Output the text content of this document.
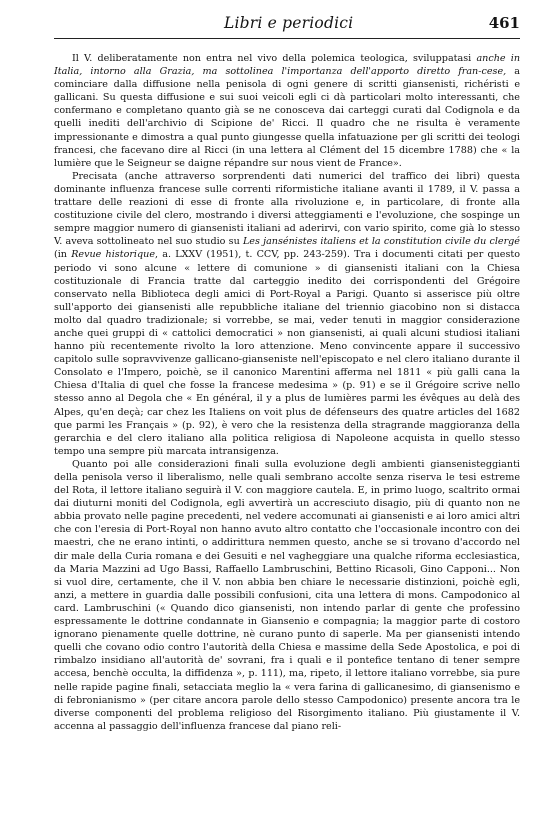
Libri e periodici	461

Il V. deliberatamente non entra nel vivo della polemica teologica, sviluppatasi anche in Italia, intorno alla Grazia, ma sottolinea l'importanza dell'apporto diretto fran-cese, a cominciare dalla diffusione nella penisola di ogni genere di scritti giansenisti, richéristi e gallicani. Su questa diffusione e sui suoi veicoli egli ci dà particolari molto interessanti, che confermano e completano quanto già se ne conosceva dai carteggi curati dal Codignola e da quelli inediti dell'archivio di Scipione de' Ricci. Il quadro che ne risulta è veramente impressionante e dimostra a qual punto giungesse quella infatuazione per gli scritti dei teologi francesi, che facevano dire al Ricci (in una lettera al Clément del 15 dicembre 1788) che « la lumière que le Seigneur se daigne répandre sur nous vient de France».

Precisata (anche attraverso sorprendenti dati numerici del traffico dei libri) questa dominante influenza francese sulle correnti riformistiche italiane avanti il 1789, il V. passa a trattare delle reazioni di esse di fronte alla rivoluzione e, in particolare, di fronte alla costituzione civile del clero, mostrando i diversi atteggiamenti e l'evoluzione, che sospinge un sempre maggior numero di giansenisti italiani ad aderirvi, con vario spirito, come già lo stesso V. aveva sottolineato nel suo studio su Les jansénistes italiens et la constitution civile du clergé (in Revue historique, a. LXXV (1951), t. CCV, pp. 243-259). Tra i documenti citati per questo periodo vi sono alcune « lettere di comunione » di giansenisti italiani con la Chiesa costituzionale di Francia tratte dal carteggio inedito dei corrispondenti del Grégoire conservato nella Biblioteca degli amici di Port-Royal a Parigi. Quanto si asserisce più oltre sull'apporto dei giansenisti alle repubbliche italiane del triennio giacobino non si distacca molto dal quadro tradizionale; si vorrebbe, se mai, veder tenuti in maggior considerazione anche quei gruppi di « cattolici democratici » non giansenisti, ai quali alcuni studiosi italiani hanno più recentemente rivolto la loro attenzione. Meno convincente appare il successivo capitolo sulle sopravvivenze gallicano-gianseniste nell'episcopato e nel clero italiano durante il Consolato e l'Impero, poichè, se il canonico Marentini afferma nel 1811 « più galli cana la Chiesa d'Italia di quel che fosse la francese medesima » (p. 91) e se il Grégoire scrive nello stesso anno al Degola che « En général, il y a plus de lumières parmi les évêques au delà des Alpes, qu'en deçà; car chez les Italiens on voit plus de défenseurs des quatre articles del 1682 que parmi les Français » (p. 92), è vero che la resistenza della stragrande maggioranza della gerarchia e del clero italiano alla politica religiosa di Napoleone acquista in quello stesso tempo una sempre più marcata intransigenza.

Quanto poi alle considerazioni finali sulla evoluzione degli ambienti giansenisteggianti della penisola verso il liberalismo, nelle quali sembrano accolte senza riserva le tesi estreme del Rota, il lettore italiano seguirà il V. con maggiore cautela. E, in primo luogo, scaltrito ormai dai diuturni moniti del Codignola, egli avvertirà un accresciuto disagio, più di quanto non ne abbia provato nelle pagine precedenti, nel vedere accomunati ai giansenisti e ai loro amici altri che con l'eresia di Port-Royal non hanno avuto altro contatto che l'occasionale incontro con dei maestri, che ne erano intinti, o addirittura nemmen questo, anche se si trovano d'accordo nel dir male della Curia romana e dei Gesuiti e nel vagheggiare una qualche riforma ecclesiastica, da Maria Mazzini ad Ugo Bassi, Raffaello Lambruschini, Bettino Ricasoli, Gino Capponi... Non si vuol dire, certamente, che il V. non abbia ben chiare le necessarie distinzioni, poichè egli, anzi, a mettere in guardia dalle possibili confusioni, cita una lettera di mons. Campodonico al card. Lambruschini (« Quando dico giansenisti, non intendo parlar di gente che professino espressamente le dottrine condannate in Giansenio e compagnia; la maggior parte di costoro ignorano pienamente quelle dottrine, nè curano punto di saperle. Ma per giansenisti intendo quelli che covano odio contro l'autorità della Chiesa e massime della Sede Apostolica, e poi di rimbalzo insidiano all'autorità de' sovrani, fra i quali e il pontefice tentano di tener sempre accesa, benchè occulta, la diffidenza », p. 111), ma, ripeto, il lettore italiano vorrebbe, sia pure nelle rapide pagine finali, setacciata meglio la « vera farina di gallicanesimo, di giansenismo e di febronianismo » (per citare ancora parole dello stesso Campodonico) presente ancora tra le diverse componenti del problema religioso del Risorgimento italiano. Più giustamente il V. accenna al passaggio dell'influenza francese dal piano reli-
